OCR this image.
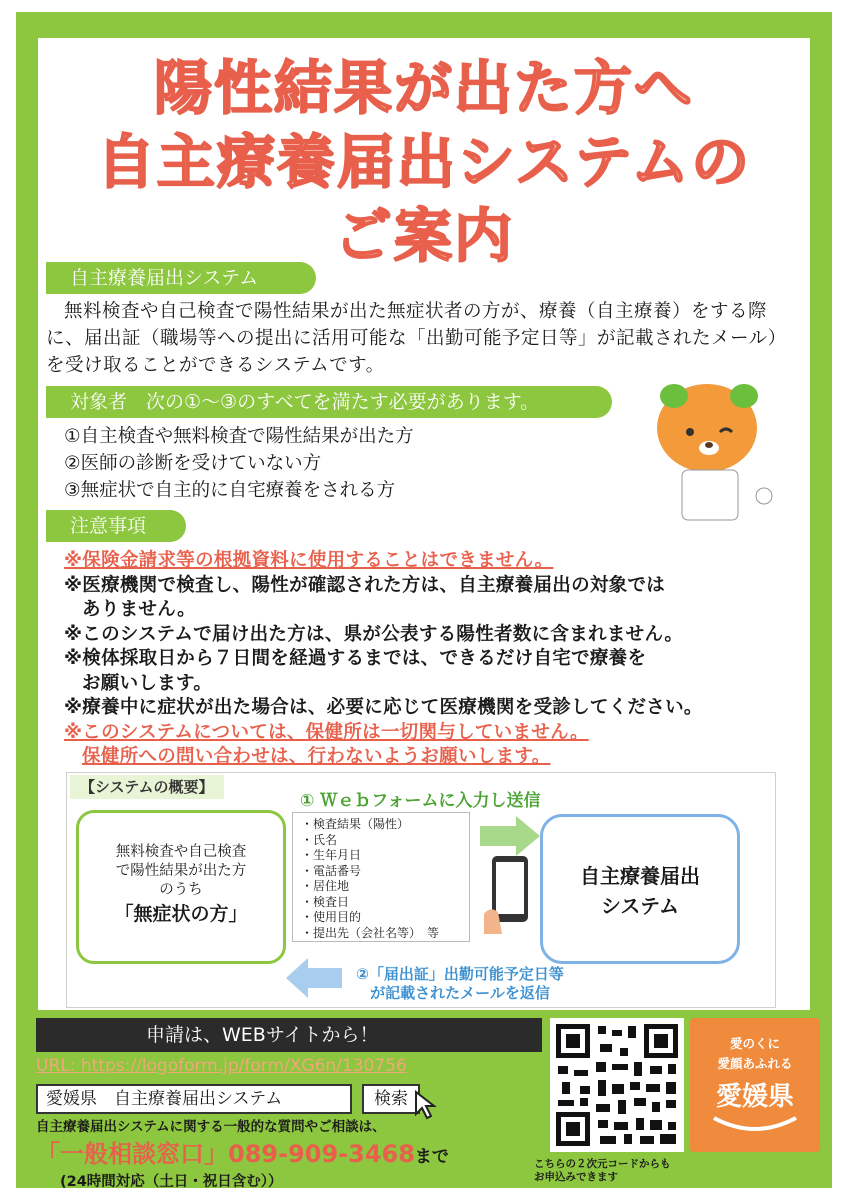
陽性結果が出た方へ
自主療養届出システムの
ご案内
自主療養届出システム
無料検査や自己検査で陽性結果が出た無症状者の方が、療養（自主療養）をする際に、届出証（職場等への提出に活用可能な「出勤可能予定日等」が記載されたメール）を受け取ることができるシステムです。
対象者　次の①～③のすべてを満たす必要があります。
①自主検査や無料検査で陽性結果が出た方
②医師の診断を受けていない方
③無症状で自主的に自宅療養をされる方
注意事項
※保険金請求等の根拠資料に使用することはできません。
※医療機関で検査し、陽性が確認された方は、自主療養届出の対象では
ありません。
※このシステムで届け出た方は、県が公表する陽性者数に含まれません。
※検体採取日から７日間を経過するまでは、できるだけ自宅で療養を
お願いします。
※療養中に症状が出た場合は、必要に応じて医療機関を受診してください。
※このシステムについては、保健所は一切関与していません。
保健所への問い合わせは、行わないようお願いします。
【システムの概要】
① Ｗｅｂフォームに入力し送信
無料検査や自己検査
で陽性結果が出た方
のうち
「無症状の方」
・検査結果（陽性）
・氏名
・生年月日
・電話番号
・居住地
・検査日
・使用目的
・提出先（会社名等）　等
自主療養届出
システム
②「届出証」出勤可能予定日等
が記載されたメールを返信
申請は、WEBサイトから！
URL: https://logoform.jp/form/XG6n/130756
愛媛県　自主療養届出システム	検索
自主療養届出システムに関する一般的な質問やご相談は、
「一般相談窓口」089-909-3468まで
(24時間対応（土日・祝日含む））
こちらの２次元コードからも
お申込みできます
愛のくに
愛顔あふれる
愛媛県
